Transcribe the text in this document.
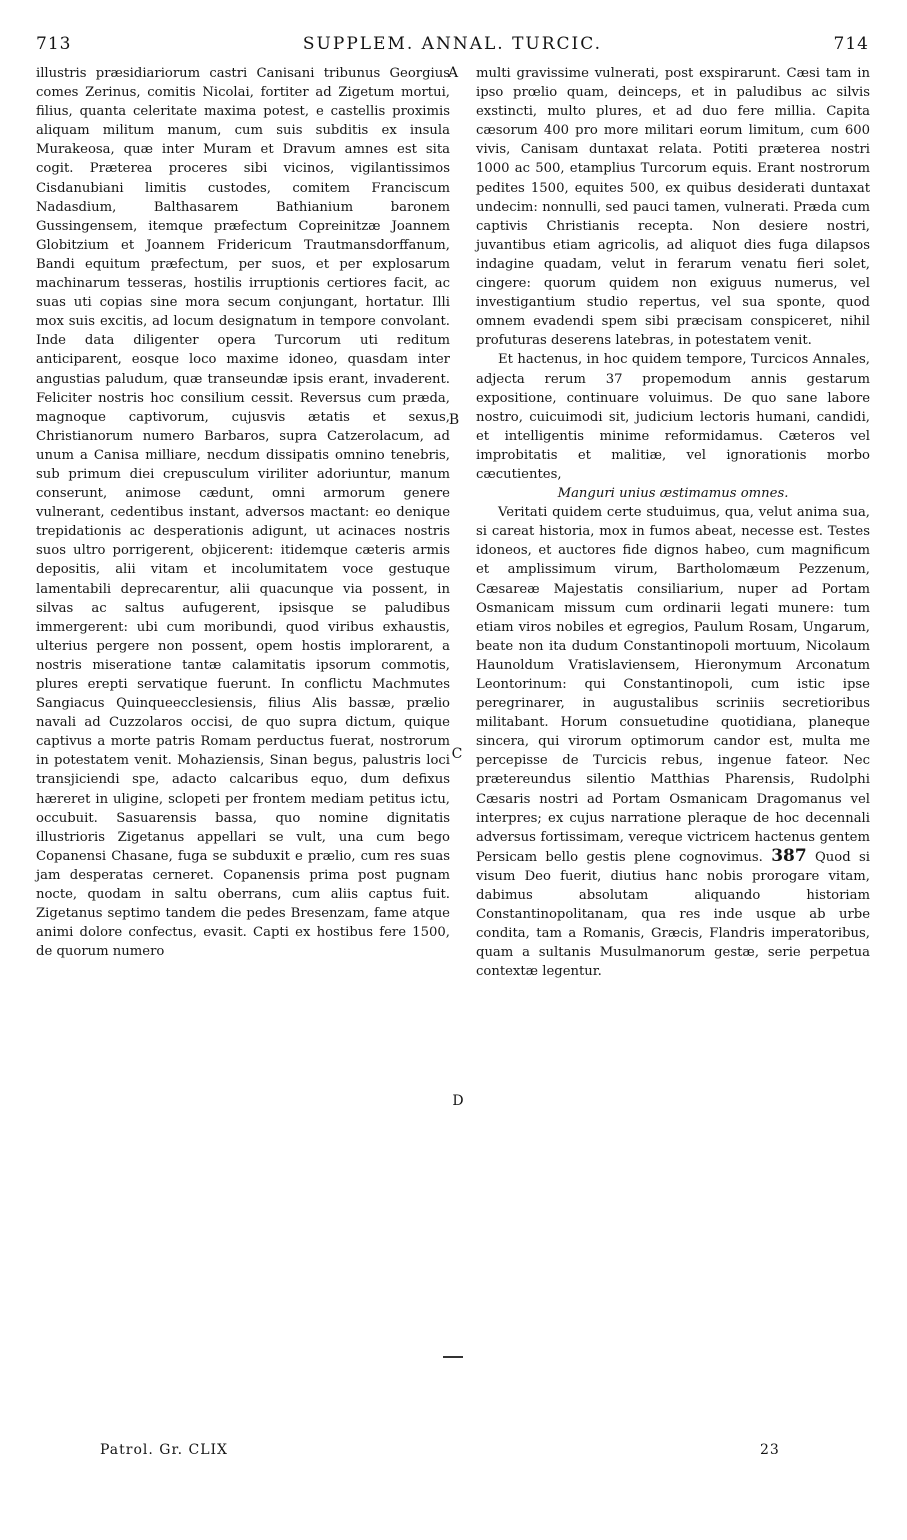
SUPPLEM. ANNAL. TURCIC.
713	714

illustris præsidiariorum castri Canisani tribunus Georgius comes Zerinus, comitis Nicolai, fortiter ad Zigetum mortui, filius, quanta celeritate maxima potest, e castellis proximis aliquam militum manum, cum suis subditis ex insula Murakeosa, quæ inter Muram et Dravum amnes est sita cogit. Præterea proceres sibi vicinos, vigilantissimos Cisdanubiani limitis custodes, comitem Franciscum Nadasdium, Balthasarem Bathianium baronem Gussingensem, itemque præfectum Copreinitzæ Joannem Globitzium et Joannem Fridericum Trautmansdorffanum, Bandi equitum præfectum, per suos, et per explosarum machinarum tesseras, hostilis irruptionis certiores facit, ac suas uti copias sine mora secum conjungant, hortatur. Illi mox suis excitis, ad locum designatum in tempore convolant. Inde data diligenter opera Turcorum uti reditum anticiparent, eosque loco maxime idoneo, quasdam inter angustias paludum, quæ transeundæ ipsis erant, invaderent. Feliciter nostris hoc consilium cessit. Reversus cum præda, magnoque captivorum, cujusvis ætatis et sexus, Christianorum numero Barbaros, supra Catzerolacum, ad unum a Canisa milliare, necdum dissipatis omnino tenebris, sub primum diei crepusculum viriliter adoriuntur, manum conserunt, animose cædunt, omni armorum genere vulnerant, cedentibus instant, adversos mactant: eo denique trepidationis ac desperationis adigunt, ut acinaces nostris suos ultro porrigerent, objicerent: itidemque cæteris armis depositis, alii vitam et incolumitatem voce gestuque lamentabili deprecarentur, alii quacunque via possent, in silvas ac saltus aufugerent, ipsisque se paludibus immergerent: ubi cum moribundi, quod viribus exhaustis, ulterius pergere non possent, opem hostis implorarent, a nostris miseratione tantæ calamitatis ipsorum commotis, plures erepti servatique fuerunt. In conflictu Machmutes Sangiacus Quinqueecclesiensis, filius Alis bassæ, prælio navali ad Cuzzolaros occisi, de quo supra dictum, quique captivus a morte patris Romam perductus fuerat, nostrorum in potestatem venit. Mohaziensis, Sinan begus, palustris loci transjiciendi spe, adacto calcaribus equo, dum defixus hæreret in uligine, sclopeti per frontem mediam petitus ictu, occubuit. Sasuarensis bassa, quo nomine dignitatis illustrioris Zigetanus appellari se vult, una cum bego Copanensi Chasane, fuga se subduxit e prælio, cum res suas jam desperatas cerneret. Copanensis prima post pugnam nocte, quodam in saltu oberrans, cum aliis captus fuit. Zigetanus septimo tandem die pedes Bresenzam, fame atque animi dolore confectus, evasit. Capti ex hostibus fere 1500, de quorum numero

A
B
C
D

multi gravissime vulnerati, post exspirarunt. Cæsi tam in ipso prœlio quam, deinceps, et in paludibus ac silvis exstincti, multo plures, et ad duo fere millia. Capita cæsorum 400 pro more militari eorum limitum, cum 600 vivis, Canisam duntaxat relata. Potiti præterea nostri 1000 ac 500, etamplius Turcorum equis. Erant nostrorum pedites 1500, equites 500, ex quibus desiderati duntaxat undecim: nonnulli, sed pauci tamen, vulnerati. Præda cum captivis Christianis recepta. Non desiere nostri, juvantibus etiam agricolis, ad aliquot dies fuga dilapsos indagine quadam, velut in ferarum venatu fieri solet, cingere: quorum quidem non exiguus numerus, vel investigantium studio repertus, vel sua sponte, quod omnem evadendi spem sibi præcisam conspiceret, nihil profuturas deserens latebras, in potestatem venit.

Et hactenus, in hoc quidem tempore, Turcicos Annales, adjecta rerum 37 propemodum annis gestarum expositione, continuare voluimus. De quo sane labore nostro, cuicuimodi sit, judicium lectoris humani, candidi, et intelligentis minime reformidamus. Cæteros vel improbitatis et malitiæ, vel ignorationis morbo cæcutientes,

Manguri unius æstimamus omnes.

Veritati quidem certe studuimus, qua, velut anima sua, si careat historia, mox in fumos abeat, necesse est. Testes idoneos, et auctores fide dignos habeo, cum magnificum et amplissimum virum, Bartholomæum Pezzenum, Cæsareæ Majestatis consiliarium, nuper ad Portam Osmanicam missum cum ordinarii legati munere: tum etiam viros nobiles et egregios, Paulum Rosam, Ungarum, beate non ita dudum Constantinopoli mortuum, Nicolaum Haunoldum Vratislaviensem, Hieronymum Arconatum Leontorinum: qui Constantinopoli, cum istic ipse peregrinarer, in augustalibus scriniis secretioribus militabant. Horum consuetudine quotidiana, planeque sincera, qui virorum optimorum candor est, multa me percepisse de Turcicis rebus, ingenue fateor. Nec prætereundus silentio Matthias Pharensis, Rudolphi Cæsaris nostri ad Portam Osmanicam Dragomanus vel interpres; ex cujus narratione pleraque de hoc decennali adversus fortissimam, vereque victricem hactenus gentem Persicam bello gestis plene cognovimus. 387 Quod si visum Deo fuerit, diutius hanc nobis prorogare vitam, dabimus absolutam aliquando historiam Constantinopolitanam, qua res inde usque ab urbe condita, tam a Romanis, Græcis, Flandris imperatoribus, quam a sultanis Musulmanorum gestæ, serie perpetua contextæ legentur.

Patrol. Gr. CLIX	23
